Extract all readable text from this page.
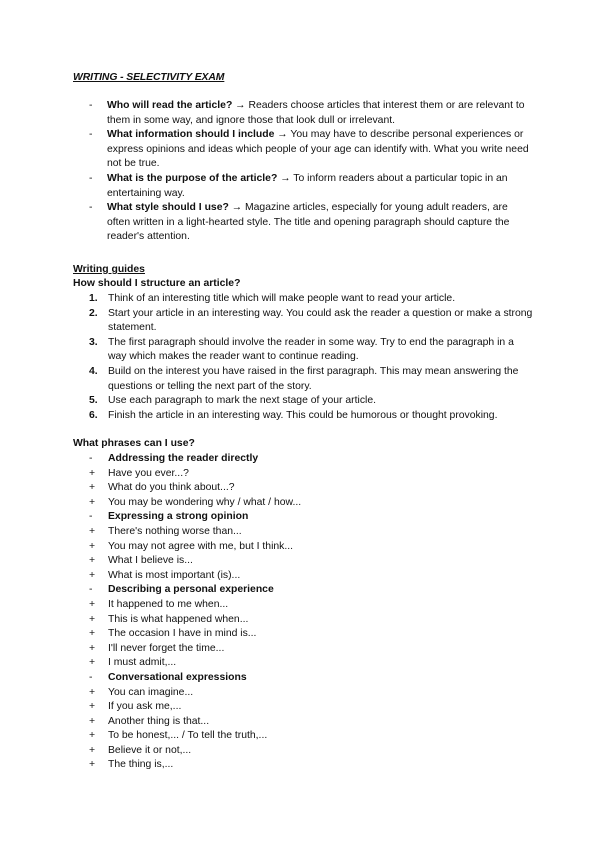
WRITING - SELECTIVITY EXAM
- Who will read the article? → Readers choose articles that interest them or are relevant to them in some way, and ignore those that look dull or irrelevant.
- What information should I include → You may have to describe personal experiences or express opinions and ideas which people of your age can identify with. What you write need not be true.
- What is the purpose of the article? → To inform readers about a particular topic in an entertaining way.
- What style should I use? → Magazine articles, especially for young adult readers, are often written in a light-hearted style. The title and opening paragraph should capture the reader's attention.
Writing guides
How should I structure an article?
1. Think of an interesting title which will make people want to read your article.
2. Start your article in an interesting way. You could ask the reader a question or make a strong statement.
3. The first paragraph should involve the reader in some way. Try to end the paragraph in a way which makes the reader want to continue reading.
4. Build on the interest you have raised in the first paragraph. This may mean answering the questions or telling the next part of the story.
5. Use each paragraph to mark the next stage of your article.
6. Finish the article in an interesting way. This could be humorous or thought provoking.
What phrases can I use?
- Addressing the reader directly
+ Have you ever...?
+ What do you think about...?
+ You may be wondering why / what / how...
- Expressing a strong opinion
+ There's nothing worse than...
+ You may not agree with me, but I think...
+ What I believe is...
+ What is most important (is)...
- Describing a personal experience
+ It happened to me when...
+ This is what happened when...
+ The occasion I have in mind is...
+ I'll never forget the time...
+ I must admit,...
- Conversational expressions
+ You can imagine...
+ If you ask me,...
+ Another thing is that...
+ To be honest,... / To tell the truth,...
+ Believe it or not,...
+ The thing is,...
